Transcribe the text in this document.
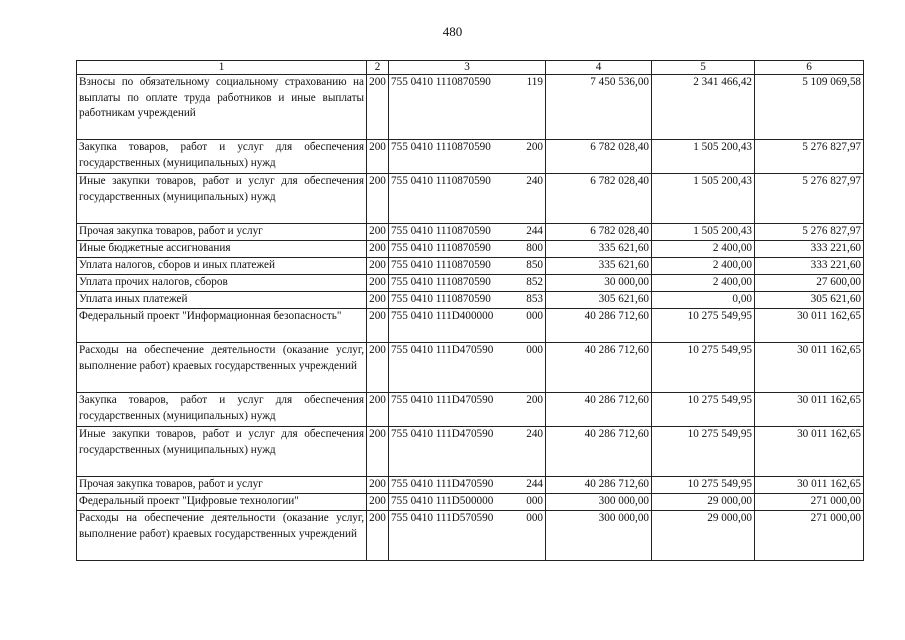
480
1	2	3	4	5	6
Взносы по обязательному социальному страхованию на выплаты по оплате труда работников и иные выплаты работникам учреждений	200	755 0410 1110870590 119	7 450 536,00	2 341 466,42	5 109 069,58
Закупка товаров, работ и услуг для обеспечения государственных (муниципальных) нужд	200	755 0410 1110870590 200	6 782 028,40	1 505 200,43	5 276 827,97
Иные закупки товаров, работ и услуг для обеспечения государственных (муниципальных) нужд	200	755 0410 1110870590 240	6 782 028,40	1 505 200,43	5 276 827,97
Прочая закупка товаров, работ и услуг	200	755 0410 1110870590 244	6 782 028,40	1 505 200,43	5 276 827,97
Иные бюджетные ассигнования	200	755 0410 1110870590 800	335 621,60	2 400,00	333 221,60
Уплата налогов, сборов и иных платежей	200	755 0410 1110870590 850	335 621,60	2 400,00	333 221,60
Уплата прочих налогов, сборов	200	755 0410 1110870590 852	30 000,00	2 400,00	27 600,00
Уплата иных платежей	200	755 0410 1110870590 853	305 621,60	0,00	305 621,60
Федеральный проект "Информационная безопасность"	200	755 0410 111D400000 000	40 286 712,60	10 275 549,95	30 011 162,65
Расходы на обеспечение деятельности (оказание услуг, выполнение работ) краевых государственных учреждений	200	755 0410 111D470590 000	40 286 712,60	10 275 549,95	30 011 162,65
Закупка товаров, работ и услуг для обеспечения государственных (муниципальных) нужд	200	755 0410 111D470590 200	40 286 712,60	10 275 549,95	30 011 162,65
Иные закупки товаров, работ и услуг для обеспечения государственных (муниципальных) нужд	200	755 0410 111D470590 240	40 286 712,60	10 275 549,95	30 011 162,65
Прочая закупка товаров, работ и услуг	200	755 0410 111D470590 244	40 286 712,60	10 275 549,95	30 011 162,65
Федеральный проект "Цифровые технологии"	200	755 0410 111D500000 000	300 000,00	29 000,00	271 000,00
Расходы на обеспечение деятельности (оказание услуг, выполнение работ) краевых государственных учреждений	200	755 0410 111D570590 000	300 000,00	29 000,00	271 000,00
